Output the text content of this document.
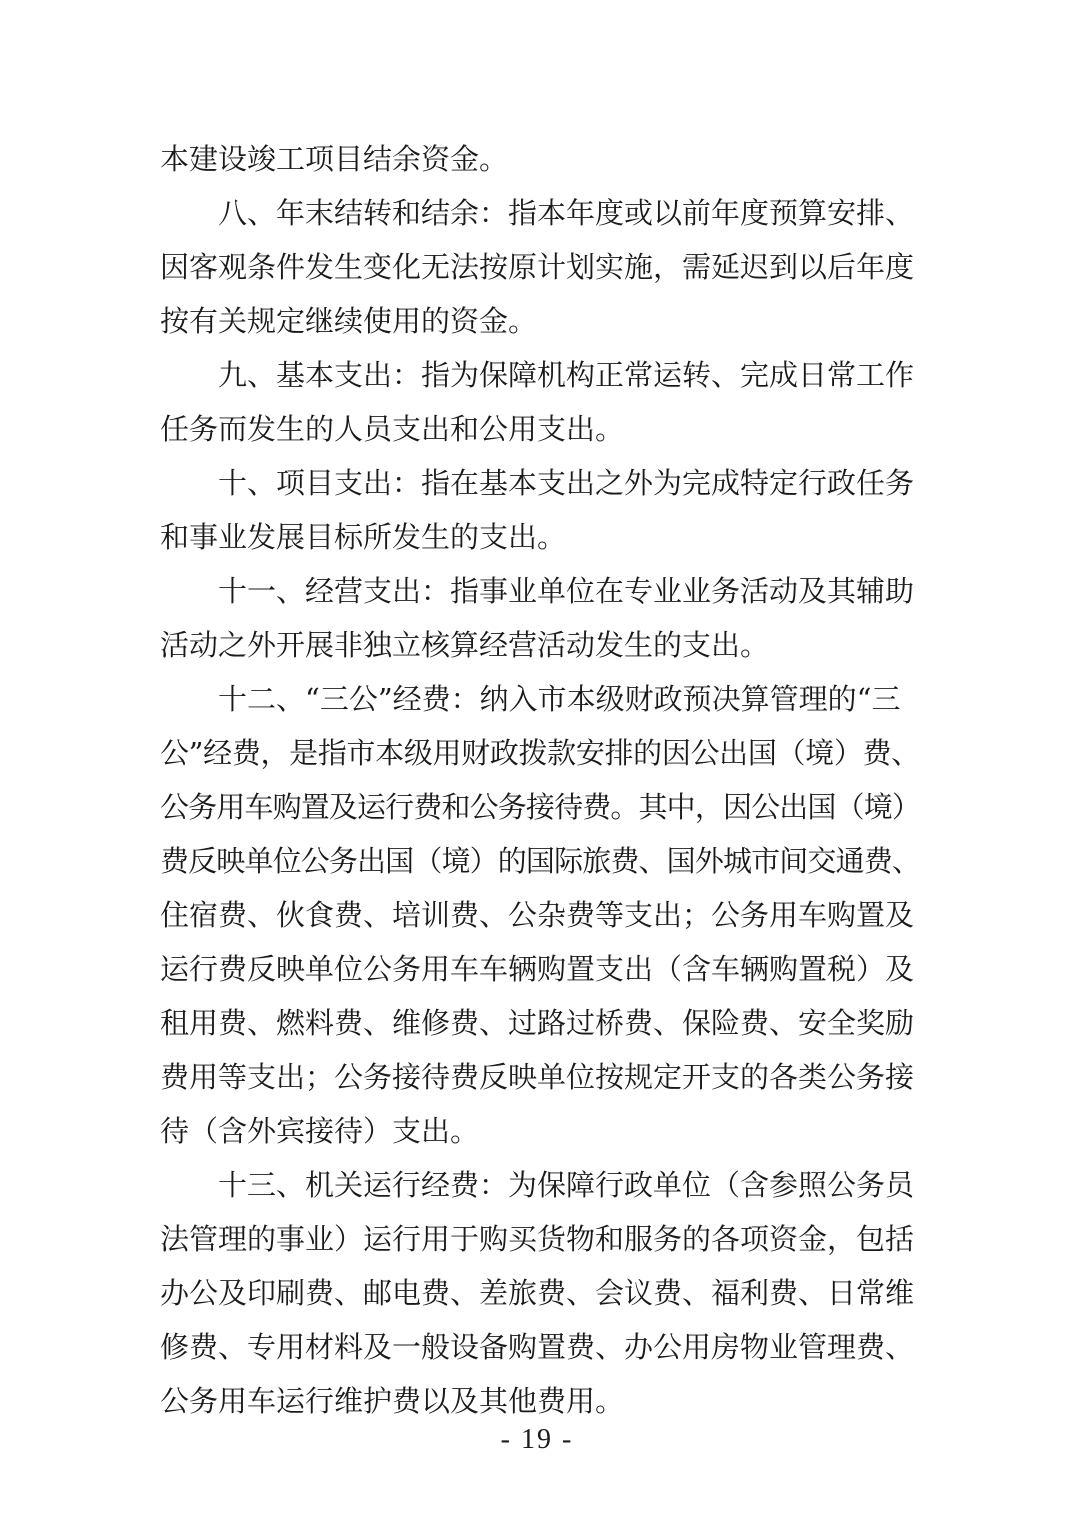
本建设竣工项目结余资金。
八、年末结转和结余：指本年度或以前年度预算安排、
因客观条件发生变化无法按原计划实施，需延迟到以后年度
按有关规定继续使用的资金。
九、基本支出：指为保障机构正常运转、完成日常工作
任务而发生的人员支出和公用支出。
十、项目支出：指在基本支出之外为完成特定行政任务
和事业发展目标所发生的支出。
十一、经营支出：指事业单位在专业业务活动及其辅助
活动之外开展非独立核算经营活动发生的支出。
十二、“三公”经费：纳入市本级财政预决算管理的“三
公”经费，是指市本级用财政拨款安排的因公出国（境）费、
公务用车购置及运行费和公务接待费。其中，因公出国（境）
费反映单位公务出国（境）的国际旅费、国外城市间交通费、
住宿费、伙食费、培训费、公杂费等支出；公务用车购置及
运行费反映单位公务用车车辆购置支出（含车辆购置税）及
租用费、燃料费、维修费、过路过桥费、保险费、安全奖励
费用等支出；公务接待费反映单位按规定开支的各类公务接
待（含外宾接待）支出。
十三、机关运行经费：为保障行政单位（含参照公务员
法管理的事业）运行用于购买货物和服务的各项资金，包括
办公及印刷费、邮电费、差旅费、会议费、福利费、日常维
修费、专用材料及一般设备购置费、办公用房物业管理费、
公务用车运行维护费以及其他费用。
- 19 -
